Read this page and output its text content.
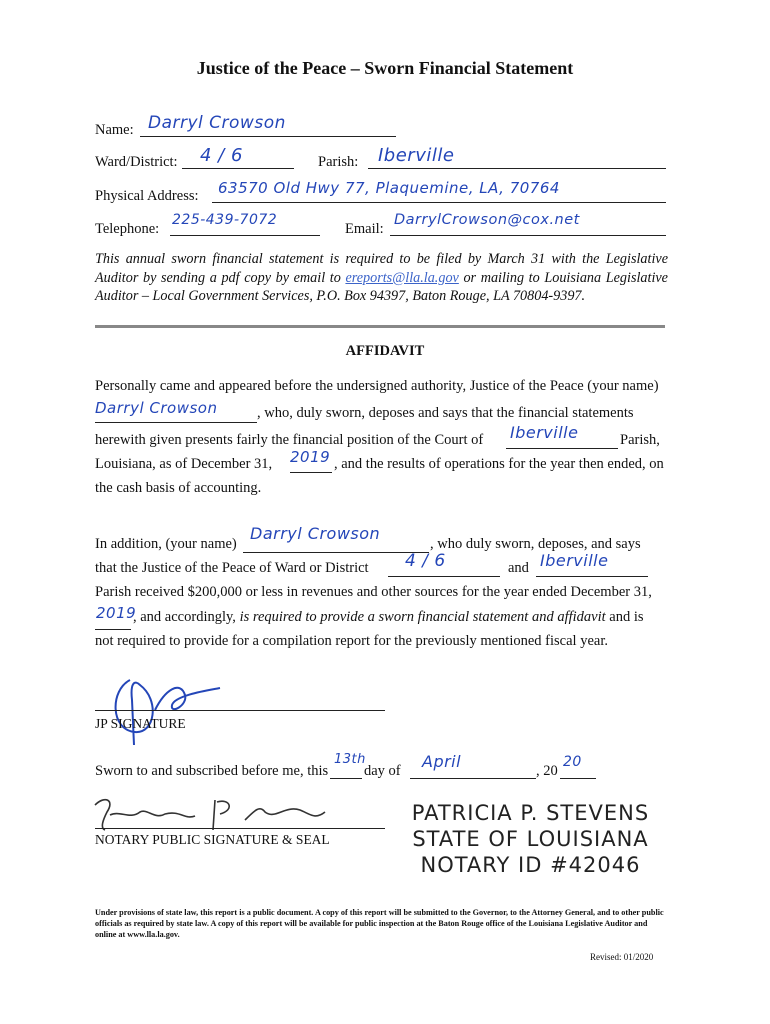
Justice of the Peace – Sworn Financial Statement
Name: Darryl Crowson
Ward/District: 4 / 6	Parish: Iberville
Physical Address: 63570 Old Hwy 77, Plaquemine, LA, 70764
Telephone:
225-439-7072
Email:
DarrylCrowson@cox.net
This annual sworn financial statement is required to be filed by March 31 with the Legislative Auditor by sending a pdf copy by email to ereports@lla.la.gov or mailing to Louisiana Legislative Auditor – Local Government Services, P.O. Box 94397, Baton Rouge, LA 70804-9397.
AFFIDAVIT
Personally came and appeared before the undersigned authority, Justice of the Peace (your name)
Darryl Crowson	, who, duly sworn, deposes and says that the financial statements
herewith given presents fairly the financial position of the Court of Iberville	Parish,
Louisiana, as of December 31, 2019 , and the results of operations for the year then ended, on
the cash basis of accounting.
In addition, (your name)
Darryl Crowson
, who duly sworn, deposes, and says
that the Justice of the Peace of Ward or District 4 / 6	and Iberville
Parish received $200,000 or less in revenues and other sources for the year ended December 31,
2019
, and accordingly, is required to provide a sworn financial statement and affidavit and is
not required to provide for a compilation report for the previously mentioned fiscal year.
JP SIGNATURE
Sworn to and subscribed before me, this
13th
day of April	, 20
20
NOTARY PUBLIC SIGNATURE & SEAL
PATRICIA P. STEVENS
STATE OF LOUISIANA
NOTARY ID #42046
Under provisions of state law, this report is a public document. A copy of this report will be submitted to the Governor, to the Attorney General, and to other public officials as required by state law. A copy of this report will be available for public inspection at the Baton Rouge office of the Louisiana Legislative Auditor and online at www.lla.la.gov.
Revised: 01/2020
